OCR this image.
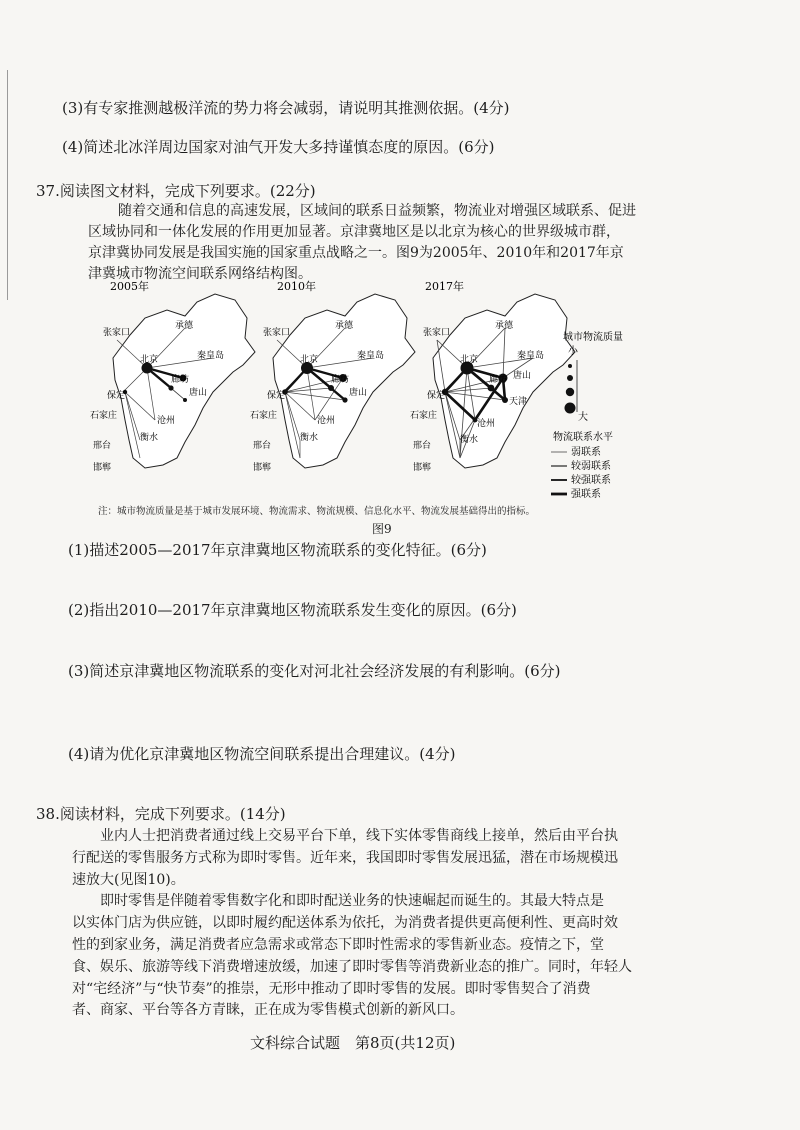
(3)有专家推测越极洋流的势力将会减弱，请说明其推测依据。(4分)
(4)简述北冰洋周边国家对油气开发大多持谨慎态度的原因。(6分)
37.阅读图文材料，完成下列要求。(22分)
随着交通和信息的高速发展，区域间的联系日益频繁，物流业对增强区域联系、促进
区域协同和一体化发展的作用更加显著。京津冀地区是以北京为核心的世界级城市群，
京津冀协同发展是我国实施的国家重点战略之一。图9为2005年、2010年和2017年京
津冀城市物流空间联系网络结构图。
2005年
张家口
承德
北京	秦皇岛
保定
廊坊
唐山
石家庄	沧州
衡水
邢台
邯郸
2010年
张家口
承德
北京	秦皇岛
保定
廊坊
唐山
石家庄	沧州
衡水
邢台
邯郸
2017年
张家口
承德
北京	秦皇岛
保定
廊坊 唐山
天津
石家庄
沧州
衡水
邢台
邯郸
城市物流质量
小
大
物流联系水平
弱联系
较弱联系
较强联系
强联系
注：城市物流质量是基于城市发展环境、物流需求、物流规模、信息化水平、物流发展基础得出的指标。
图9
(1)描述2005—2017年京津冀地区物流联系的变化特征。(6分)
(2)指出2010—2017年京津冀地区物流联系发生变化的原因。(6分)
(3)简述京津冀地区物流联系的变化对河北社会经济发展的有利影响。(6分)
(4)请为优化京津冀地区物流空间联系提出合理建议。(4分)
38.阅读材料，完成下列要求。(14分)
业内人士把消费者通过线上交易平台下单，线下实体零售商线上接单，然后由平台执
行配送的零售服务方式称为即时零售。近年来，我国即时零售发展迅猛，潜在市场规模迅
速放大(见图10)。
即时零售是伴随着零售数字化和即时配送业务的快速崛起而诞生的。其最大特点是
以实体门店为供应链，以即时履约配送体系为依托，为消费者提供更高便利性、更高时效
性的到家业务，满足消费者应急需求或常态下即时性需求的零售新业态。疫情之下，堂
食、娱乐、旅游等线下消费增速放缓，加速了即时零售等消费新业态的推广。同时，年轻人
对“宅经济”与“快节奏”的推崇，无形中推动了即时零售的发展。即时零售契合了消费
者、商家、平台等各方青睐，正在成为零售模式创新的新风口。
文科综合试题　第8页(共12页)
